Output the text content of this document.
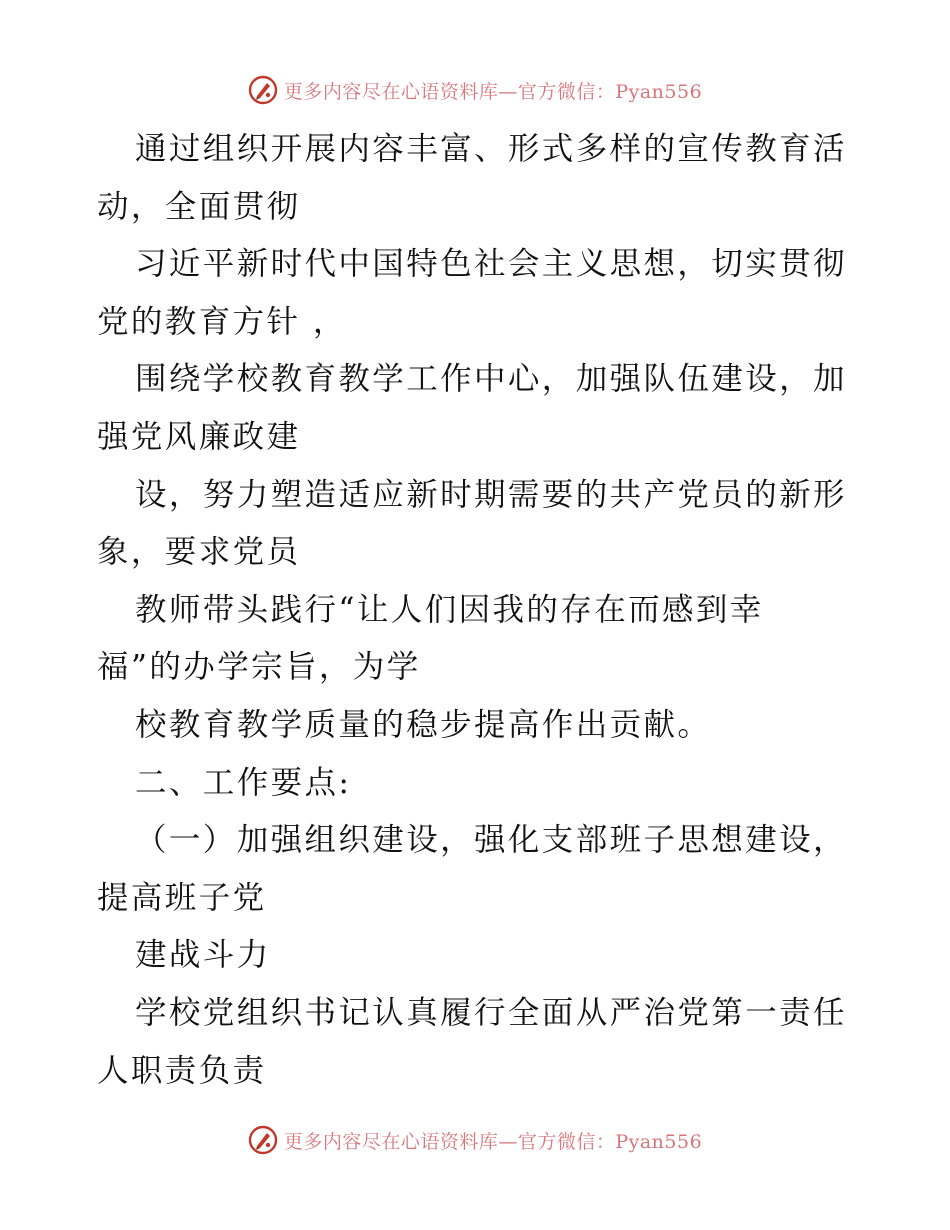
更多内容尽在心语资料库—官方微信：Pyan556
通过组织开展内容丰富、形式多样的宣传教育活
动，全面贯彻
习近平新时代中国特色社会主义思想，切实贯彻
党的教育方针 ，
围绕学校教育教学工作中心，加强队伍建设，加
强党风廉政建
设，努力塑造适应新时期需要的共产党员的新形
象，要求党员
教师带头践行“让人们因我的存在而感到幸
福”的办学宗旨，为学
校教育教学质量的稳步提高作出贡献。
二、工作要点:
（一）加强组织建设，强化支部班子思想建设，
提高班子党
建战斗力
学校党组织书记认真履行全面从严治党第一责任
人职责负责
更多内容尽在心语资料库—官方微信：Pyan556
